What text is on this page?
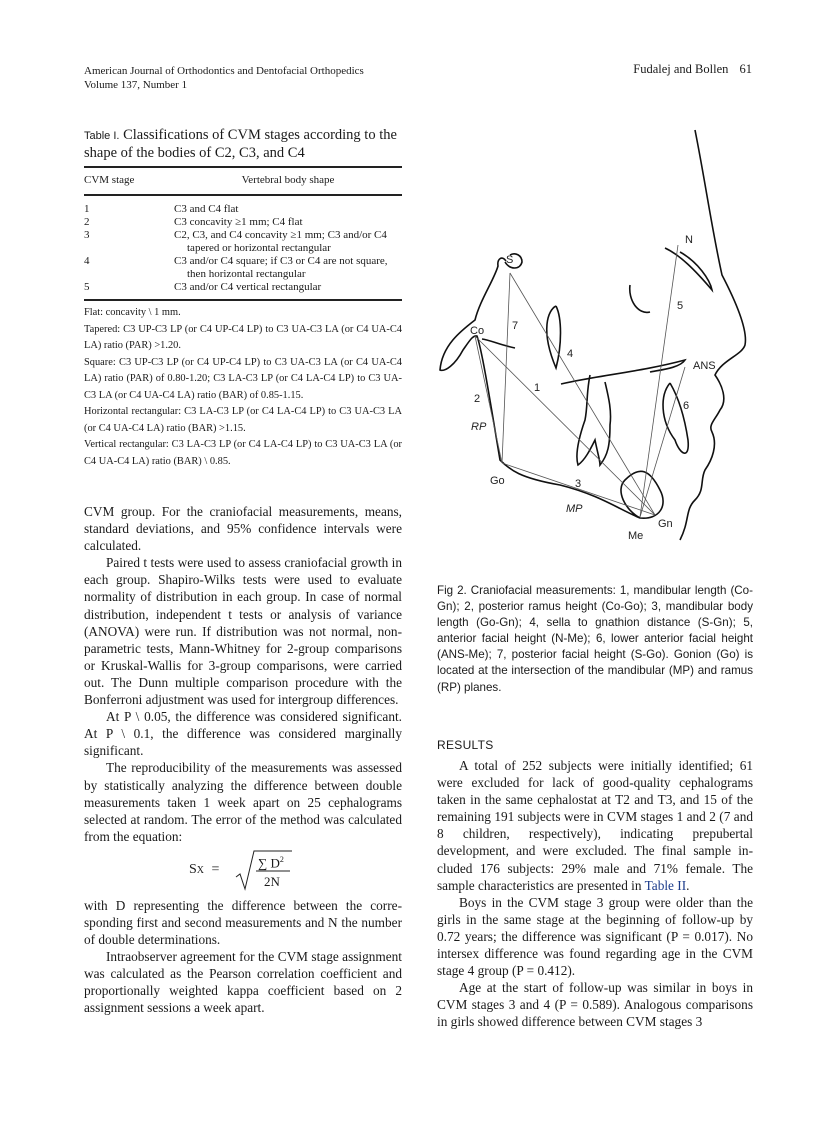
American Journal of Orthodontics and Dentofacial Orthopedics
Volume 137, Number 1
Fudalej and Bollen 61
Table I. Classifications of CVM stages according to the shape of the bodies of C2, C3, and C4
CVM stage	Vertebral body shape
1	C3 and C4 flat
2	C3 concavity ≥1 mm; C4 flat
3	C2, C3, and C4 concavity ≥1 mm; C3 and/or C4 tapered or horizontal rectangular
4	C3 and/or C4 square; if C3 or C4 are not square, then horizontal rectangular
5	C3 and/or C4 vertical rectangular
Flat: concavity \ 1 mm.
Tapered: C3 UP-C3 LP (or C4 UP-C4 LP) to C3 UA-C3 LA (or C4 UA-C4 LA) ratio (PAR) >1.20.
Square: C3 UP-C3 LP (or C4 UP-C4 LP) to C3 UA-C3 LA (or C4 UA-C4 LA) ratio (PAR) of 0.80-1.20; C3 LA-C3 LP (or C4 LA-C4 LP) to C3 UA-C3 LA (or C4 UA-C4 LA) ratio (BAR) of 0.85-1.15.
Horizontal rectangular: C3 LA-C3 LP (or C4 LA-C4 LP) to C3 UA-C3 LA (or C4 UA-C4 LA) ratio (BAR) >1.15.
Vertical rectangular: C3 LA-C3 LP (or C4 LA-C4 LP) to C3 UA-C3 LA (or C4 UA-C4 LA) ratio (BAR) \ 0.85.

CVM group. For the craniofacial measurements, means, standard deviations, and 95% confidence intervals were calculated.

Paired t tests were used to assess craniofacial growth in each group. Shapiro-Wilks tests were used to evaluate normality of distribution in each group. In case of normal distribution, independent t tests or analysis of variance (ANOVA) were run. If distribution was not normal, nonparametric tests, Mann-Whitney for 2-group comparisons or Kruskal-Wallis for 3-group comparisons, were carried out. The Dunn multiple comparison procedure with the Bonferroni adjustment was used for intergroup differences.

At P \ 0.05, the difference was considered significant. At P \ 0.1, the difference was considered marginally significant.

The reproducibility of the measurements was assessed by statistically analyzing the difference between double measurements taken 1 week apart on 25 cephalograms selected at random. The error of the method was calculated from the equation:

SX =	∑ $D^2$
2N

with D representing the difference between the corresponding first and second measurements and N the number of double determinations.

Intraobserver agreement for the CVM stage assignment was calculated as the Pearson correlation coefficient and proportionally weighted kappa coefficient based on 2 assignment sessions a week apart.

S
N
Co
ANS
Go
Gn
Me
RP
MP
1
2
3
4
5
6
7
Fig 2. Craniofacial measurements: 1, mandibular length (Co-Gn); 2, posterior ramus height (Co-Go); 3, mandibular body length (Go-Gn); 4, sella to gnathion distance (S-Gn); 5, anterior facial height (N-Me); 6, lower anterior facial height (ANS-Me); 7, posterior facial height (S-Go). Gonion (Go) is located at the intersection of the mandibular (MP) and ramus (RP) planes.
RESULTS

A total of 252 subjects were initially identified; 61 were excluded for lack of good-quality cephalograms taken in the same cephalostat at T2 and T3, and 15 of the remaining 191 subjects were in CVM stages 1 and 2 (7 and 8 children, respectively), indicating prepubertal development, and were excluded. The final sample included 176 subjects: 29% male and 71% female. The sample characteristics are presented in Table II.

Boys in the CVM stage 3 group were older than the girls in the same stage at the beginning of follow-up by 0.72 years; the difference was significant (P = 0.017). No intersex difference was found regarding age in the CVM stage 4 group (P = 0.412).

Age at the start of follow-up was similar in boys in CVM stages 3 and 4 (P = 0.589). Analogous comparisons in girls showed difference between CVM stages 3
